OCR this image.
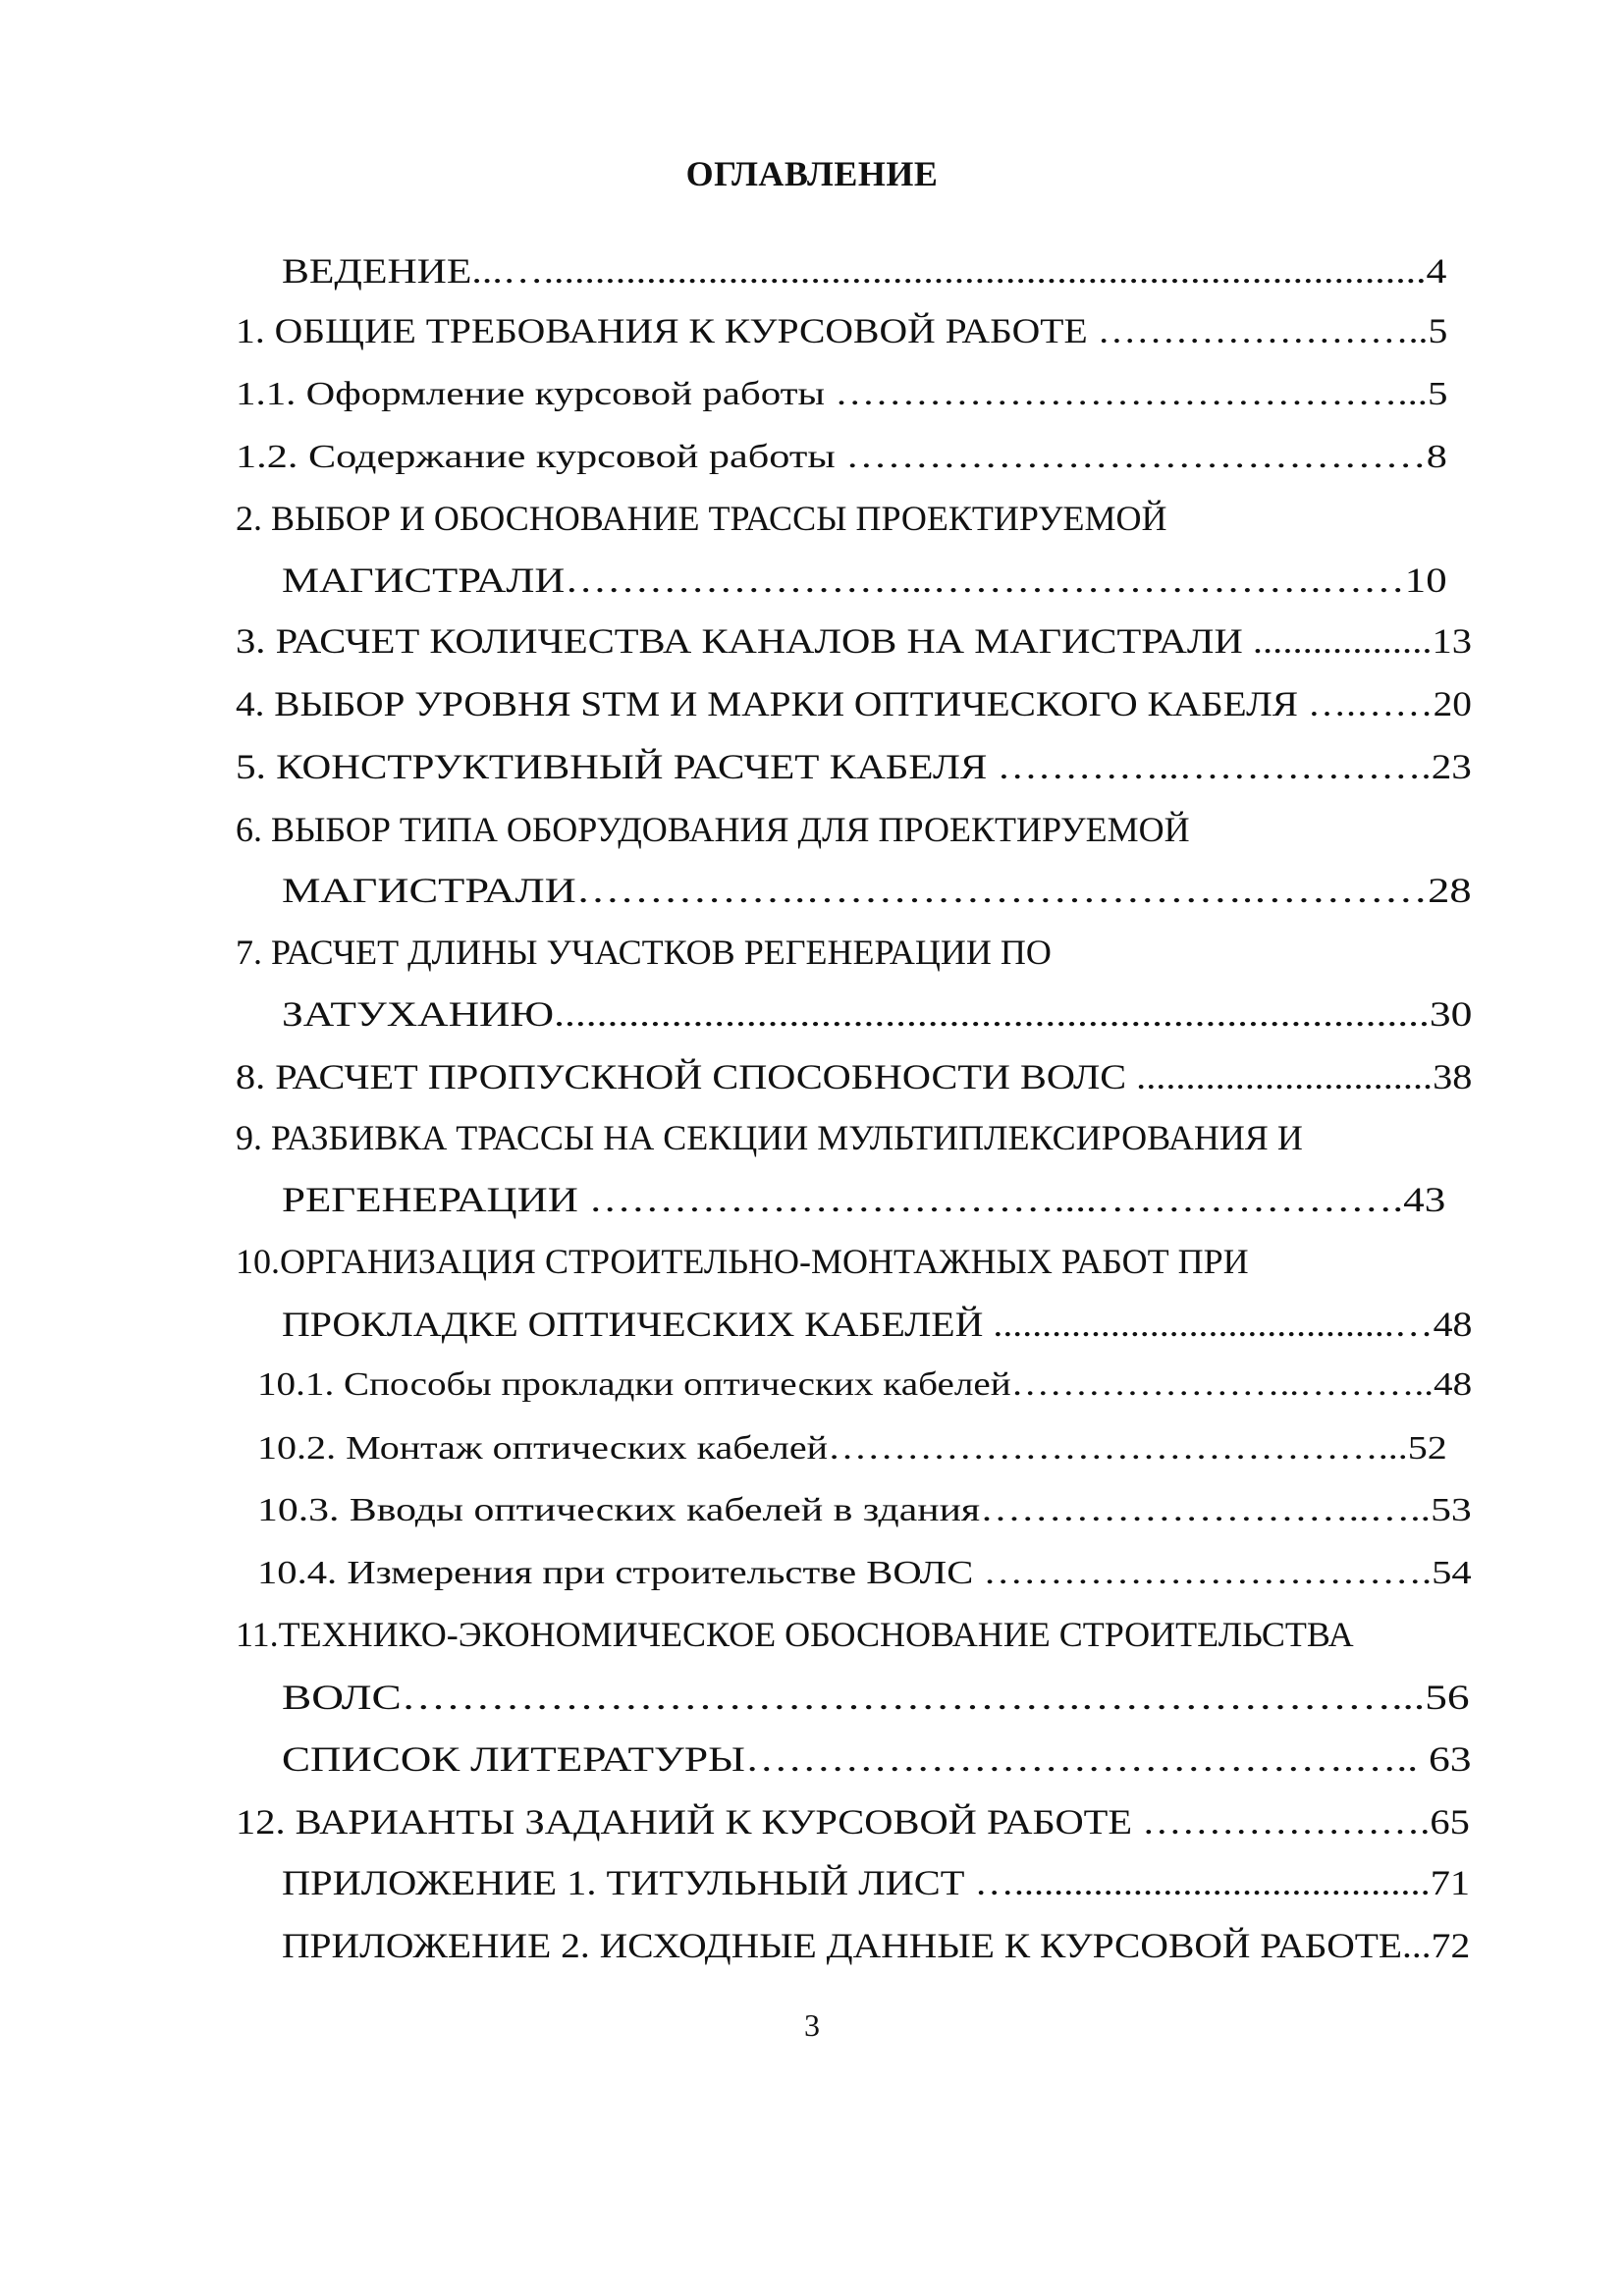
ОГЛАВЛЕНИЕ
ВЕДЕНИЕ...…......................................................................................4
1. ОБЩИЕ ТРЕБОВАНИЯ К КУРСОВОЙ РАБОТЕ ……………………..5
1.1. Оформление курсовой работы ……………………………………...5
1.2. Содержание курсовой работы ……………………………………8
2. ВЫБОР И ОБОСНОВАНИЕ ТРАССЫ ПРОЕКТИРУЕМОЙ
МАГИСТРАЛИ……………………...……………………….……10
3. РАСЧЕТ КОЛИЧЕСТВА КАНАЛОВ НА МАГИСТРАЛИ ..................13
4. ВЫБОР УРОВНЯ STM И МАРКИ ОПТИЧЕСКОГО КАБЕЛЯ ….……20
5. КОНСТРУКТИВНЫЙ РАСЧЕТ КАБЕЛЯ …………..……………….23
6. ВЫБОР ТИПА ОБОРУДОВАНИЯ ДЛЯ ПРОЕКТИРУЕМОЙ
МАГИСТРАЛИ…………….………………………….…………28
7. РАСЧЕТ ДЛИНЫ УЧАСТКОВ РЕГЕНЕРАЦИИ ПО
ЗАТУХАНИЮ..................................................................................30
8. РАСЧЕТ ПРОПУСКНОЙ СПОСОБНОСТИ ВОЛС ..............................38
9. РАЗБИВКА ТРАССЫ НА СЕКЦИИ МУЛЬТИПЛЕКСИРОВАНИЯ И
РЕГЕНЕРАЦИИ ……………………………....………………….43
10.ОРГАНИЗАЦИЯ СТРОИТЕЛЬНО-МОНТАЖНЫХ РАБОТ ПРИ
ПРОКЛАДКЕ ОПТИЧЕСКИХ КАБЕЛЕЙ .........................................…48
10.1. Способы прокладки оптических кабелей…………………..………..48
10.2. Монтаж оптических кабелей……………………………………...52
10.3. Вводы оптических кабелей в здания………………………..…..53
10.4. Измерения при строительстве ВОЛС …………………………….54
11.ТЕХНИКО-ЭКОНОМИЧЕСКОЕ ОБОСНОВАНИЕ СТРОИТЕЛЬСТВА
ВОЛС……………………………………….…………………...56
СПИСОК ЛИТЕРАТУРЫ…………………………………….….. 63
12. ВАРИАНТЫ ЗАДАНИЙ К КУРСОВОЙ РАБОТЕ ………………….65
ПРИЛОЖЕНИЕ 1. ТИТУЛЬНЫЙ ЛИСТ …..........................................71
ПРИЛОЖЕНИЕ 2. ИСХОДНЫЕ ДАННЫЕ К КУРСОВОЙ РАБОТЕ...72
3
